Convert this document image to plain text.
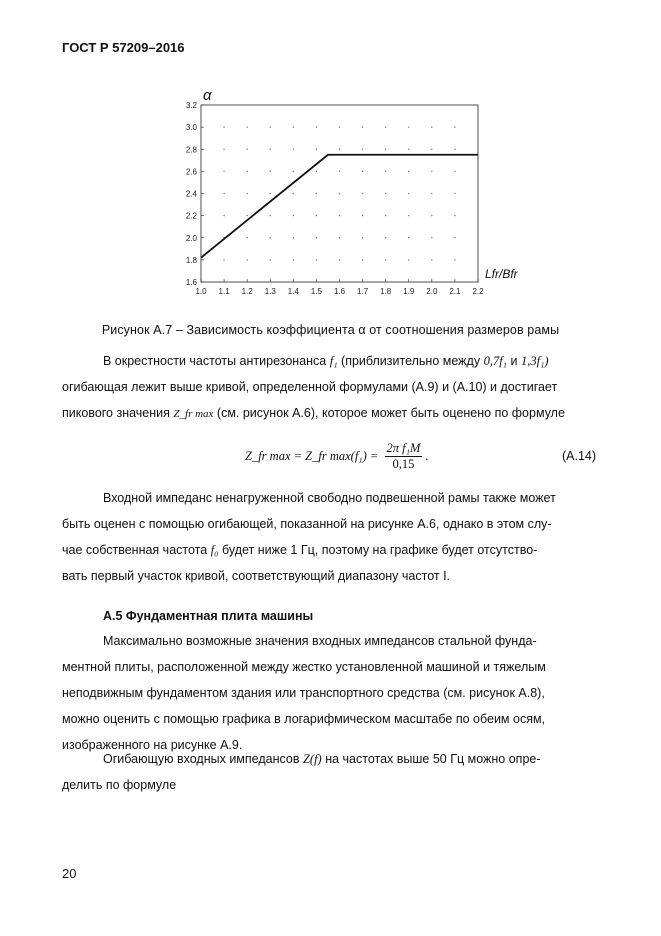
ГОСТ Р 57209–2016
1.0 1.1 1.2 1.3 1.4 1.5 1.6 1.7 1.8 1.9 2.0 2.1 2.2
1.6
1.8
2.0
2.2
2.4
2.6
2.8
3.0
3.2
α
Lfr/Bfr
Рисунок А.7 – Зависимость коэффициента α от соотношения размеров рамы
В окрестности частоты антирезонанса f₁ (приблизительно между 0,7f₁ и 1,3f₁)
огибающая лежит выше кривой, определенной формулами (А.9) и (А.10) и достигает
пикового значения Z_fr max (см. рисунок А.6), которое может быть оценено по формуле
Z_fr max = Z_fr $\max(f_1) = \frac{\text{2π f₁M}}{0,15}$ .	(А.14)
Входной импеданс ненагруженной свободно подвешенной рамы также может
быть оценен с помощью огибающей, показанной на рисунке А.6, однако в этом слу-
чае собственная частота f₀ будет ниже 1 Гц, поэтому на графике будет отсутство-
вать первый участок кривой, соответствующий диапазону частот I.
А.5 Фундаментная плита машины
Максимально возможные значения входных импедансов стальной фунда-
ментной плиты, расположенной между жестко установленной машиной и тяжелым
неподвижным фундаментом здания или транспортного средства (см. рисунок А.8),
можно оценить с помощью графика в логарифмическом масштабе по обеим осям,
изображенного на рисунке А.9.
Огибающую входных импедансов Z(f) на частотах выше 50 Гц можно опре-
делить по формуле
20
